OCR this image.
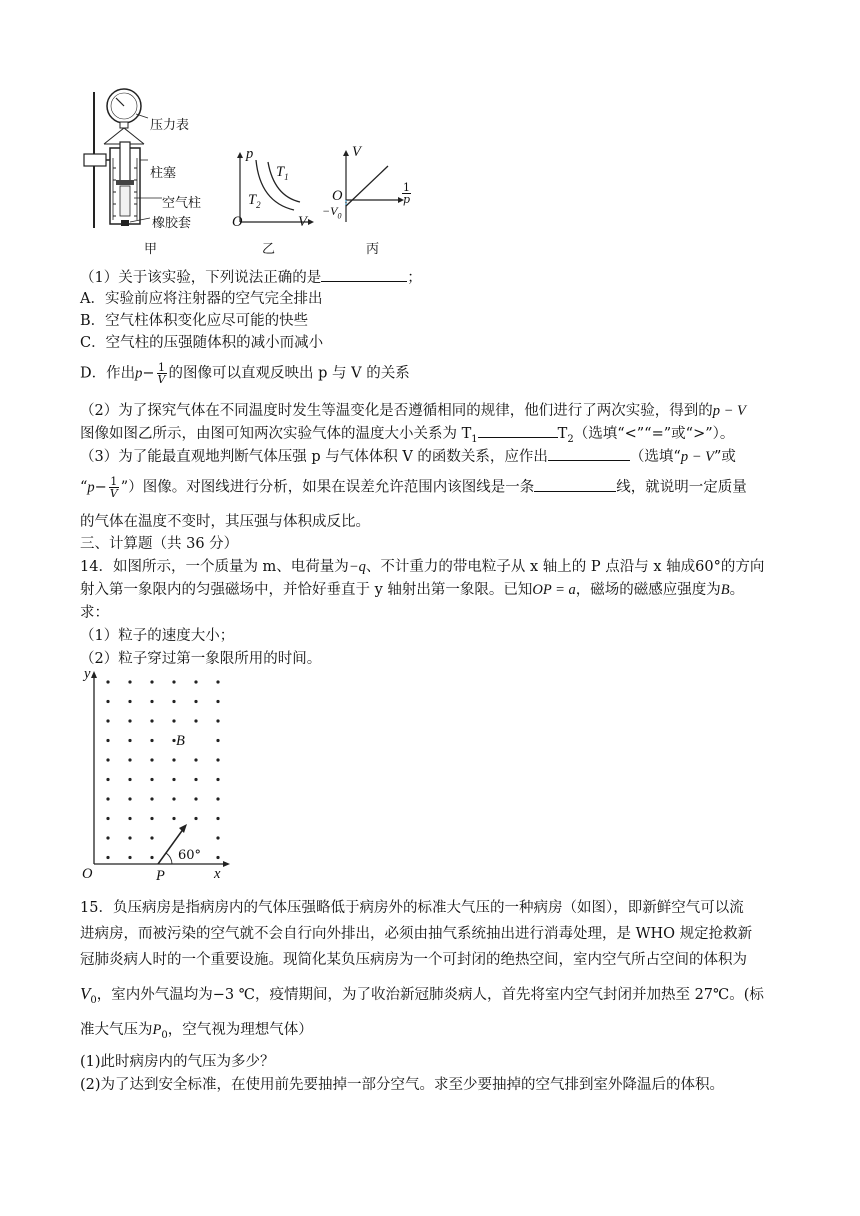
压力表
柱塞
空气柱
橡胶套
甲
p
V
O
$T_1$
$T_2$
乙
V
O
$-V_0$
$\frac{1}{p}$
丙
（1）关于该实验，下列说法正确的是	；
A．实验前应将注射器的空气完全排出
B．空气柱体积变化应尽可能的快些
C．空气柱的压强随体积的减小而减小
D．作出$p- \frac{1}{V}$ 的图像可以直观反映出 p 与 V 的关系
（2）为了探究气体在不同温度时发生等温变化是否遵循相同的规律，他们进行了两次实验，得到的p − V
图像如图乙所示，由图可知两次实验气体的温度大小关系为 $T_1$	$T_2$（选填“<”“=”或“>”）。
（3）为了能最直观地判断气体压强 p 与气体体积 V 的函数关系，应作出	（选填“p − V”或
“$p- \frac{1}{V}$ ”）图像。对图线进行分析，如果在误差允许范围内该图线是一条	线，就说明一定质量
的气体在温度不变时，其压强与体积成反比。
三、计算题（共 36 分）
14．如图所示，一个质量为 m、电荷量为−q、不计重力的带电粒子从 x 轴上的 P 点沿与 x 轴成60°的方向
射入第一象限内的匀强磁场中，并恰好垂直于 y 轴射出第一象限。已知OP = a，磁场的磁感应强度为B。
求：
（1）粒子的速度大小；
（2）粒子穿过第一象限所用的时间。
y
O	P	x
B
60°
15．负压病房是指病房内的气体压强略低于病房外的标准大气压的一种病房（如图），即新鲜空气可以流
进病房，而被污染的空气就不会自行向外排出，必须由抽气系统抽出进行消毒处理，是 WHO 规定抢救新
冠肺炎病人时的一个重要设施。现简化某负压病房为一个可封闭的绝热空间，室内空气所占空间的体积为
$V_0$，室内外气温均为−3 ℃，疫情期间，为了收治新冠肺炎病人，首先将室内空气封闭并加热至 27℃。(标
准大气压为$P_0$，空气视为理想气体）
(1)此时病房内的气压为多少？
(2)为了达到安全标准，在使用前先要抽掉一部分空气。求至少要抽掉的空气排到室外降温后的体积。
